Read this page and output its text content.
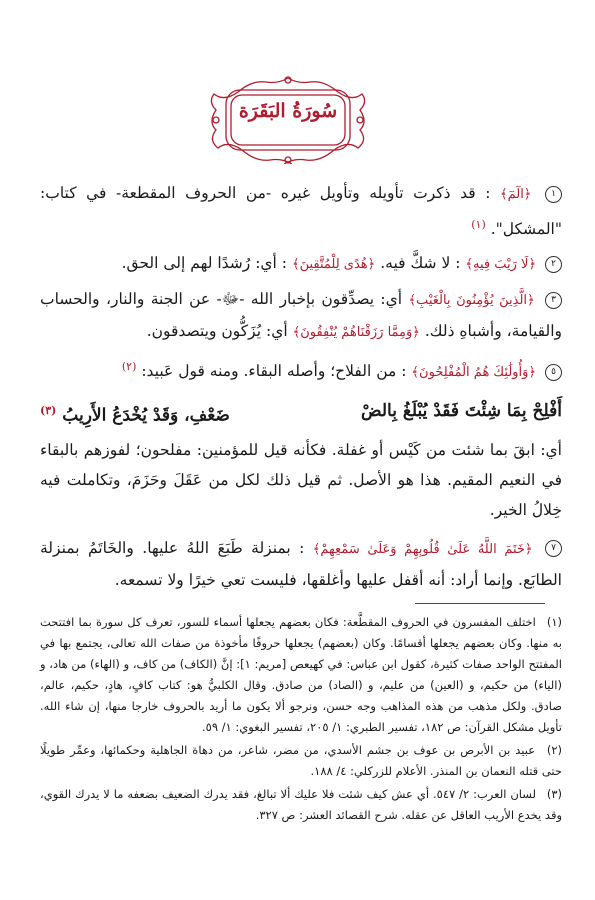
سُورَةُ البَقَرَة

١ ﴿الٓمٓ﴾ : قد ذكرت تأويله وتأويل غيره -من الحروف المقطعة- في كتاب: "المشكل". $^{(١)}$

٢ ﴿لَا رَيْبَ فِيهِ﴾ : لا شكَّ فيه. ﴿هُدًى لِلْمُتَّقِينَ﴾ : أي: رُشدًا لهم إلى الحق.

٣ ﴿الَّذِينَ يُؤْمِنُونَ بِالْغَيْبِ﴾ أي: يصدِّقون بإخبار الله -ﷻ- عن الجنة والنار، والحساب والقيامة، وأشباهِ ذلك. ﴿وَمِمَّا رَزَقْنَاهُمْ يُنْفِقُونَ﴾ أي: يُزَكُّون ويتصدقون.

٥ ﴿وَأُولَٰئِكَ هُمُ الْمُفْلِحُونَ﴾ : من الفلاح؛ وأصله البقاء. ومنه قول عَبيد: $^{(٢)}$

أَفْلِحْ بِمَا شِئْتَ فَقَدْ يُبْلَغُ بِالضْ
ضَعْفِ، وَقَدْ يُخْدَعُ الأَرِيبُ $^{(٣)}$

أي: ابقَ بما شئت من كَيْس أو غفلة. فكأنه قيل للمؤمنين: مفلحون؛ لفوزهم بالبقاء في النعيم المقيم. هذا هو الأصل. ثم قيل ذلك لكل من عَقَلَ وحَزَمَ، وتكاملت فيه خِلالُ الخير.

٧ ﴿خَتَمَ اللَّهُ عَلَىٰ قُلُوبِهِمْ وَعَلَىٰ سَمْعِهِمْ﴾ : بمنزلة طَبَعَ اللهُ عليها. والخَاتَمُ بمنزلة الطابَع. وإنما أراد: أنه أقفل عليها وأغلقها، فليست تعي خيرًا ولا تسمعه.

(١) اختلف المفسرون في الحروف المقطَّعة: فكان بعضهم يجعلها أسماء للسور، تعرف كل سورة بما افتتحت به منها. وكان بعضهم يجعلها أقسامًا. وكان (بعضهم) يجعلها حروفًا مأخوذة من صفات الله تعالى، يجتمع بها في المفتتح الواحد صفات كثيرة، كقول ابن عباس: في كهيعص [مريم: ١]: إنَّ (الكاف) من كاف، و (الهاء) من هاد، و (الياء) من حكيم، و (العين) من عليم، و (الصاد) من صادق. وقال الكلبيُّ هو: كتاب كافٍ، هادٍ، حكيم، عالم، صادق. ولكل مذهب من هذه المذاهب وجه حسن، ونرجو ألا يكون ما أريد بالحروف خارجا منها، إن شاء الله. تأويل مشكل القرآن: ص ١٨٢، تفسير الطبري: ١/ ٢٠٥، تفسير البغوي: ١/ ٥٩.

(٢) عبيد بن الأبرص بن عوف بن جشم الأسدي، من مضر، شاعر، من دهاة الجاهلية وحكمائها، وعمِّر طويلًا حتى قتله النعمان بن المنذر. الأعلام للزركلي: ٤/ ١٨٨.

(٣) لسان العرب: ٢/ ٥٤٧. أي عش كيف شئت فلا عليك ألا تبالغ، فقد يدرك الضعيف بضعفه ما لا يدرك القوي، وقد يخدع الأريب العاقل عن عقله. شرح القصائد العشر: ص ٣٢٧.
